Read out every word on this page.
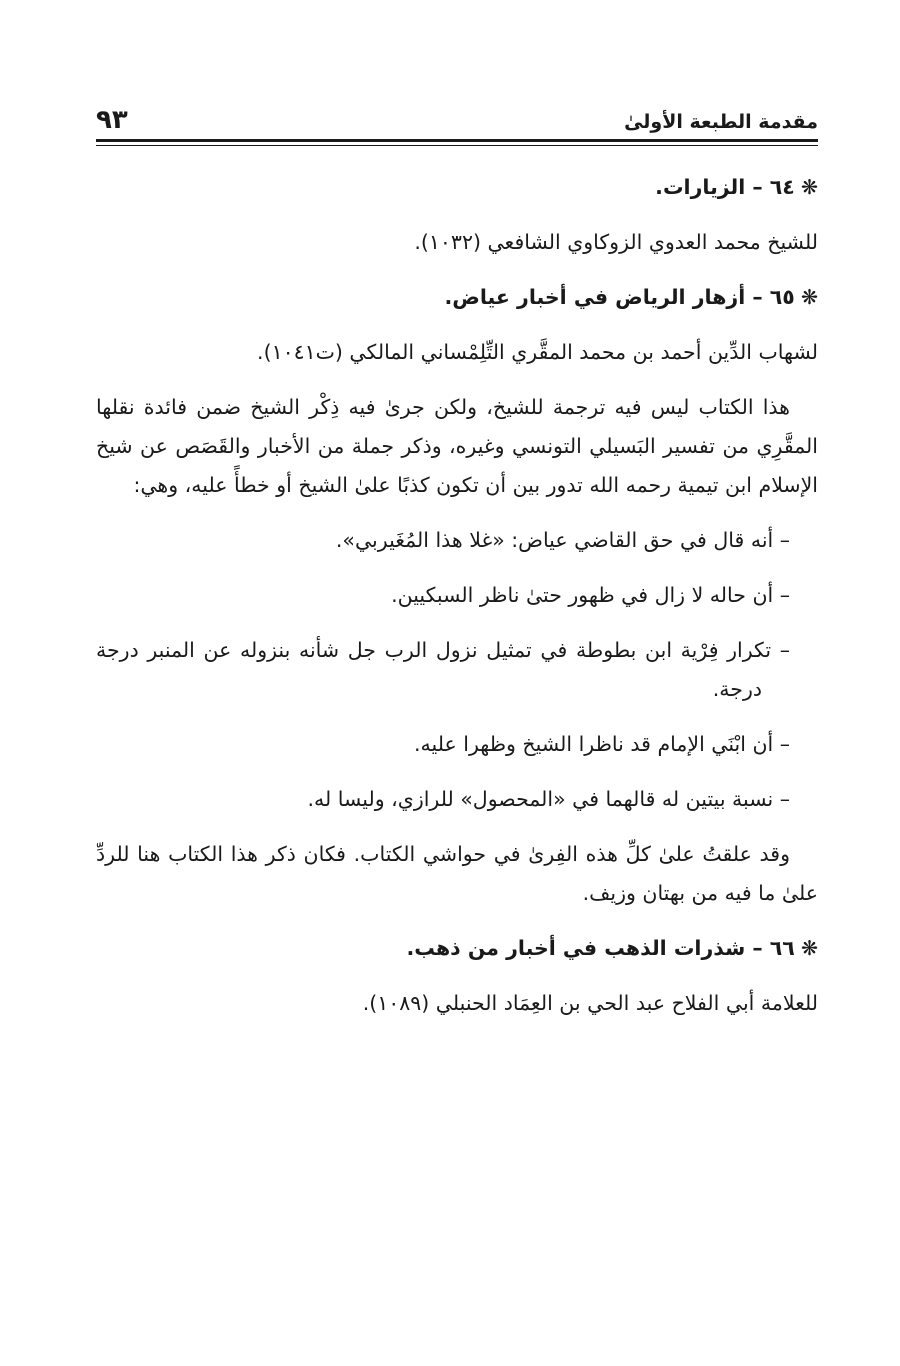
مقدمة الطبعة الأولىٰ
٩٣

❋٦٤ – الزيارات.

للشيخ محمد العدوي الزوكاوي الشافعي (١٠٣٢).

❋٦٥ – أزهار الرياض في أخبار عياض.

لشهاب الدِّين أحمد بن محمد المقَّري التِّلِمْساني المالكي (ت١٠٤١).

هذا الكتاب ليس فيه ترجمة للشيخ، ولكن جرىٰ فيه ذِكْر الشيخ ضمن فائدة نقلها المقَّرِي من تفسير البَسيلي التونسي وغيره، وذكر جملة من الأخبار والقَصَص عن شيخ الإسلام ابن تيمية رحمه الله تدور بين أن تكون كذبًا علىٰ الشيخ أو خطأً عليه، وهي:

– أنه قال في حق القاضي عياض: «غلا هذا المُغَيربي».

– أن حاله لا زال في ظهور حتىٰ ناظر السبكيين.

– تكرار فِرْية ابن بطوطة في تمثيل نزول الرب جل شأنه بنزوله عن المنبر درجة درجة.

– أن ابْنَي الإمام قد ناظرا الشيخ وظهرا عليه.

– نسبة بيتين له قالهما في «المحصول» للرازي، وليسا له.

وقد علقتُ علىٰ كلِّ هذه الفِرىٰ في حواشي الكتاب. فكان ذكر هذا الكتاب هنا للردِّ علىٰ ما فيه من بهتان وزيف.

❋٦٦ – شذرات الذهب في أخبار من ذهب.

للعلامة أبي الفلاح عبد الحي بن العِمَاد الحنبلي (١٠٨٩).
